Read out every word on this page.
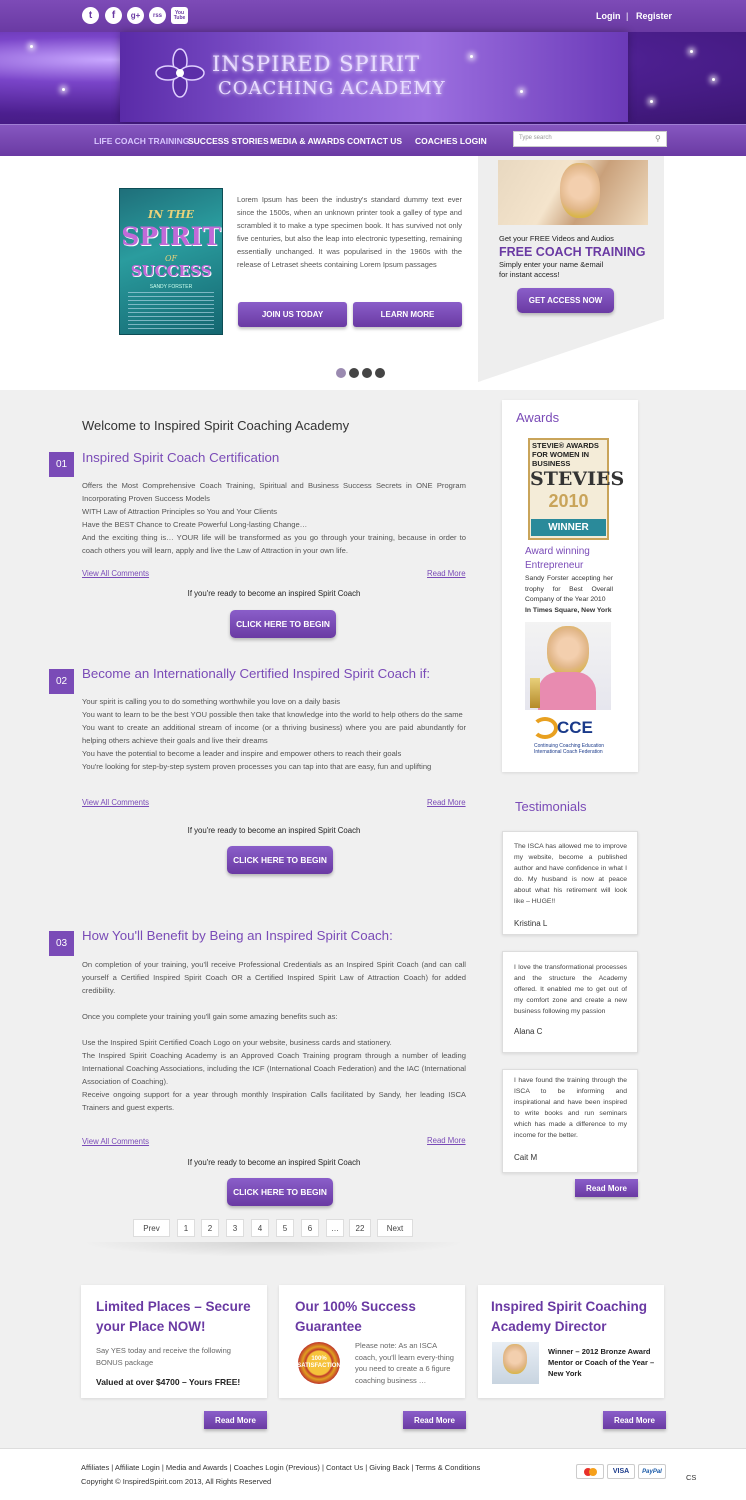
t	f	g+	rss	You Tube	Login | Register
INSPIRED SPIRIT
COACHING ACADEMY
LIFE COACH TRAINING
SUCCESS STORIES MEDIA & AWARDS CONTACT US COACHES LOGIN	Type search	⚲
IN THE
SPIRIT
OF
SUCCESS
SANDY FORSTER
Lorem Ipsum has been the industry's standard dummy text ever since the 1500s, when an unknown printer took a galley of type and scrambled it to make a type specimen book. It has survived not only five centuries, but also the leap into electronic typesetting, remaining essentially unchanged. It was popularised in the 1960s with the release of Letraset sheets containing Lorem Ipsum passages
JOIN US TODAY	LEARN MORE
Get your FREE Videos and Audios
FREE COACH TRAINING
Simply enter your name &email
for instant access!
GET ACCESS NOW
Welcome to Inspired Spirit Coaching Academy
01	Inspired Spirit Coach Certification
Offers the Most Comprehensive Coach Training, Spiritual and Business Success Secrets in ONE Program Incorporating Proven Success Models
WITH Law of Attraction Principles so You and Your Clients
Have the BEST Chance to Create Powerful Long-lasting Change…
And the exciting thing is… YOUR life will be transformed as you go through your training, because in order to coach others you will learn, apply and live the Law of Attraction in your own life.
View All Comments	Read More
If you're ready to become an inspired Spirit Coach
CLICK HERE TO BEGIN
02
Become an Internationally Certified Inspired Spirit Coach if:
Your spirit is calling you to do something worthwhile you love on a daily basis
You want to learn to be the best YOU possible then take that knowledge into the world to help others do the same
You want to create an additional stream of income (or a thriving business) where you are paid abundantly for helping others achieve their goals and live their dreams
You have the potential to become a leader and inspire and empower others to reach their goals
You're looking for step-by-step system proven processes you can tap into that are easy, fun and uplifting
View All Comments	Read More
If you're ready to become an inspired Spirit Coach
CLICK HERE TO BEGIN
03
How You'll Benefit by Being an Inspired Spirit Coach:
On completion of your training, you'll receive Professional Credentials as an Inspired Spirit Coach (and can call yourself a Certified Inspired Spirit Coach OR a Certified Inspired Spirit Law of Attraction Coach) for added credibility.
Once you complete your training you'll gain some amazing benefits such as:
Use the Inspired Spirit Certified Coach Logo on your website, business cards and stationery.
The Inspired Spirit Coaching Academy is an Approved Coach Training program through a number of leading International Coaching Associations, including the ICF (International Coach Federation) and the IAC (International Association of Coaching).
Receive ongoing support for a year through monthly Inspiration Calls facilitated by Sandy, her leading ISCA Trainers and guest experts.
View All Comments	Read More
If you're ready to become an inspired Spirit Coach
CLICK HERE TO BEGIN
Prev	1	2	3	4	5	6	…	22	Next
Awards
STEVIE® AWARDS FOR WOMEN IN BUSINESS
STEVIES
2010
WINNER
Award winning Entrepreneur
Sandy Forster accepting her trophy for Best Overall Company of the Year 2010
In Times Square, New York
CCE
Continuing Coaching Education International Coach Federation
Testimonials
The ISCA has allowed me to improve my website, become a published author and have confidence in what I do. My husband is now at peace about what his retirement will look like – HUGE!!
Kristina L
I love the transformational processes and the structure the Academy offered. It enabled me to get out of my comfort zone and create a new business following my passion
Alana C
I have found the training through the ISCA to be informing and inspirational and have been inspired to write books and run seminars which has made a difference to my income for the better.
Cait M
Read More
Limited Places – Secure your Place NOW!
Say YES today and receive the following BONUS package
Valued at over $4700 – Yours FREE!
Our 100% Success Guarantee
100% SATISFACTION
Please note: As an ISCA coach, you'll learn every-thing you need to create a 6 figure coaching business …
Inspired Spirit Coaching Academy Director
Winner – 2012 Bronze Award Mentor or Coach of the Year – New York
Read More	Read More	Read More
Affiliates | Affiliate Login | Media and Awards | Coaches Login (Previous) | Contact Us | Giving Back | Terms & Conditions
Copyright © InspiredSpirit.com 2013, All Rights Reserved
VISA	PayPal
CS
